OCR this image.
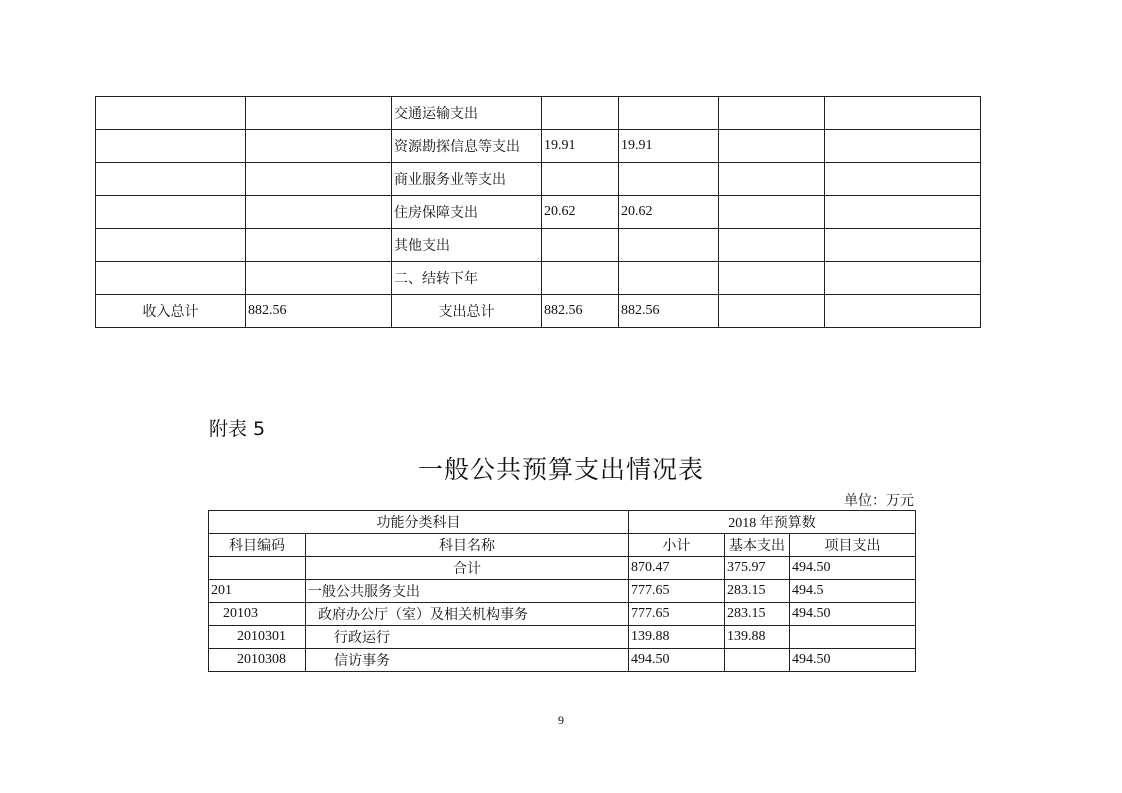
		交通运输支出				
		资源勘探信息等支出	19.91	19.91		
		商业服务业等支出				
		住房保障支出	20.62	20.62		
		其他支出				
		二、结转下年				
收入总计	882.56	支出总计	882.56	882.56		
附表 5
一般公共预算支出情况表
单位：万元
功能分类科目		2018 年预算数		
科目编码	科目名称	小计	基本支出	项目支出
	合计	870.47	375.97	494.50
201	一般公共服务支出	777.65	283.15	494.5
20103	政府办公厅（室）及相关机构事务	777.65	283.15	494.50
2010301	行政运行	139.88	139.88	
2010308	信访事务	494.50		494.50
9
